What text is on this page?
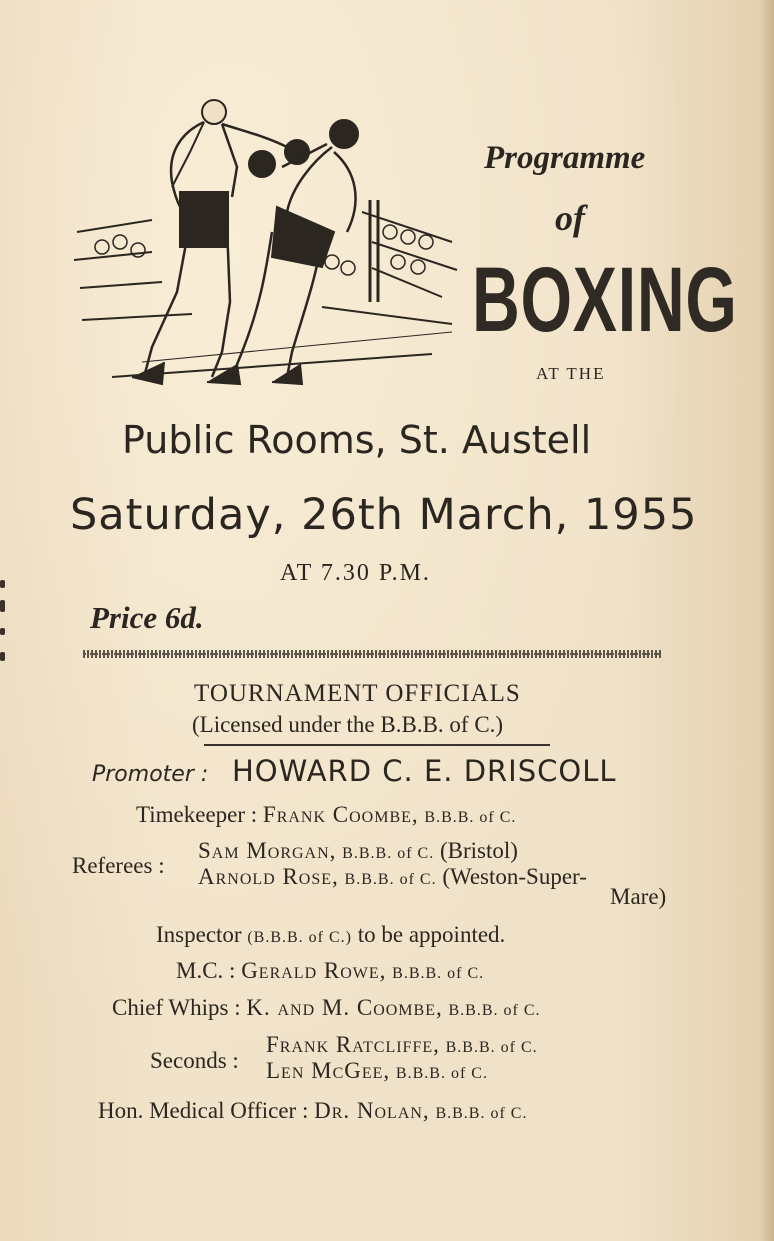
Programme
of
BOXING
AT THE
Public Rooms, St. Austell
Saturday, 26th March, 1955
AT 7.30 P.M.
Price 6d.
TOURNAMENT OFFICIALS
(Licensed under the B.B.B. of C.)
Promoter : HOWARD C. E. DRISCOLL
Timekeeper : Frank Coombe, B.B.B. of C.
Referees :
Sam Morgan, B.B.B. of C. (Bristol)
Arnold Rose, B.B.B. of C. (Weston-Super-
Mare)
Inspector (B.B.B. of C.) to be appointed.
M.C. : Gerald Rowe, B.B.B. of C.
Chief Whips : K. and M. Coombe, B.B.B. of C.
Seconds :
Frank Ratcliffe, B.B.B. of C.
Len McGee, B.B.B. of C.
Hon. Medical Officer : Dr. Nolan, B.B.B. of C.
